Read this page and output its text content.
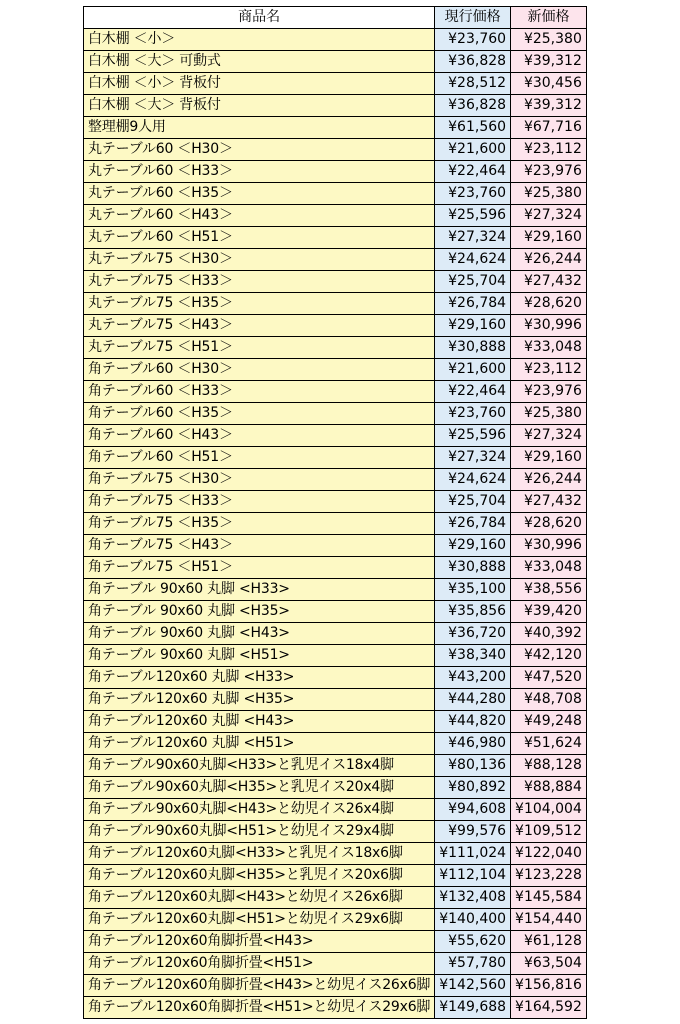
商品名	現行価格	新価格
白木棚 ＜小＞	¥23,760	¥25,380
白木棚 ＜大＞ 可動式	¥36,828	¥39,312
白木棚 ＜小＞ 背板付	¥28,512	¥30,456
白木棚 ＜大＞ 背板付	¥36,828	¥39,312
整理棚9人用	¥61,560	¥67,716
丸テーブル60 ＜H30＞	¥21,600	¥23,112
丸テーブル60 ＜H33＞	¥22,464	¥23,976
丸テーブル60 ＜H35＞	¥23,760	¥25,380
丸テーブル60 ＜H43＞	¥25,596	¥27,324
丸テーブル60 ＜H51＞	¥27,324	¥29,160
丸テーブル75 ＜H30＞	¥24,624	¥26,244
丸テーブル75 ＜H33＞	¥25,704	¥27,432
丸テーブル75 ＜H35＞	¥26,784	¥28,620
丸テーブル75 ＜H43＞	¥29,160	¥30,996
丸テーブル75 ＜H51＞	¥30,888	¥33,048
角テーブル60 ＜H30＞	¥21,600	¥23,112
角テーブル60 ＜H33＞	¥22,464	¥23,976
角テーブル60 ＜H35＞	¥23,760	¥25,380
角テーブル60 ＜H43＞	¥25,596	¥27,324
角テーブル60 ＜H51＞	¥27,324	¥29,160
角テーブル75 ＜H30＞	¥24,624	¥26,244
角テーブル75 ＜H33＞	¥25,704	¥27,432
角テーブル75 ＜H35＞	¥26,784	¥28,620
角テーブル75 ＜H43＞	¥29,160	¥30,996
角テーブル75 ＜H51＞	¥30,888	¥33,048
角テーブル 90x60 丸脚 <H33>	¥35,100	¥38,556
角テーブル 90x60 丸脚 <H35>	¥35,856	¥39,420
角テーブル 90x60 丸脚 <H43>	¥36,720	¥40,392
角テーブル 90x60 丸脚 <H51>	¥38,340	¥42,120
角テーブル120x60 丸脚 <H33>	¥43,200	¥47,520
角テーブル120x60 丸脚 <H35>	¥44,280	¥48,708
角テーブル120x60 丸脚 <H43>	¥44,820	¥49,248
角テーブル120x60 丸脚 <H51>	¥46,980	¥51,624
角テーブル90x60丸脚<H33>と乳児イス18x4脚	¥80,136	¥88,128
角テーブル90x60丸脚<H35>と乳児イス20x4脚	¥80,892	¥88,884
角テーブル90x60丸脚<H43>と幼児イス26x4脚	¥94,608	¥104,004
角テーブル90x60丸脚<H51>と幼児イス29x4脚	¥99,576	¥109,512
角テーブル120x60丸脚<H33>と乳児イス18x6脚	¥111,024	¥122,040
角テーブル120x60丸脚<H35>と乳児イス20x6脚	¥112,104	¥123,228
角テーブル120x60丸脚<H43>と幼児イス26x6脚	¥132,408	¥145,584
角テーブル120x60丸脚<H51>と幼児イス29x6脚	¥140,400	¥154,440
角テーブル120x60角脚折畳<H43>	¥55,620	¥61,128
角テーブル120x60角脚折畳<H51>	¥57,780	¥63,504
角テーブル120x60角脚折畳<H43>と幼児イス26x6脚	¥142,560	¥156,816
角テーブル120x60角脚折畳<H51>と幼児イス29x6脚	¥149,688	¥164,592
